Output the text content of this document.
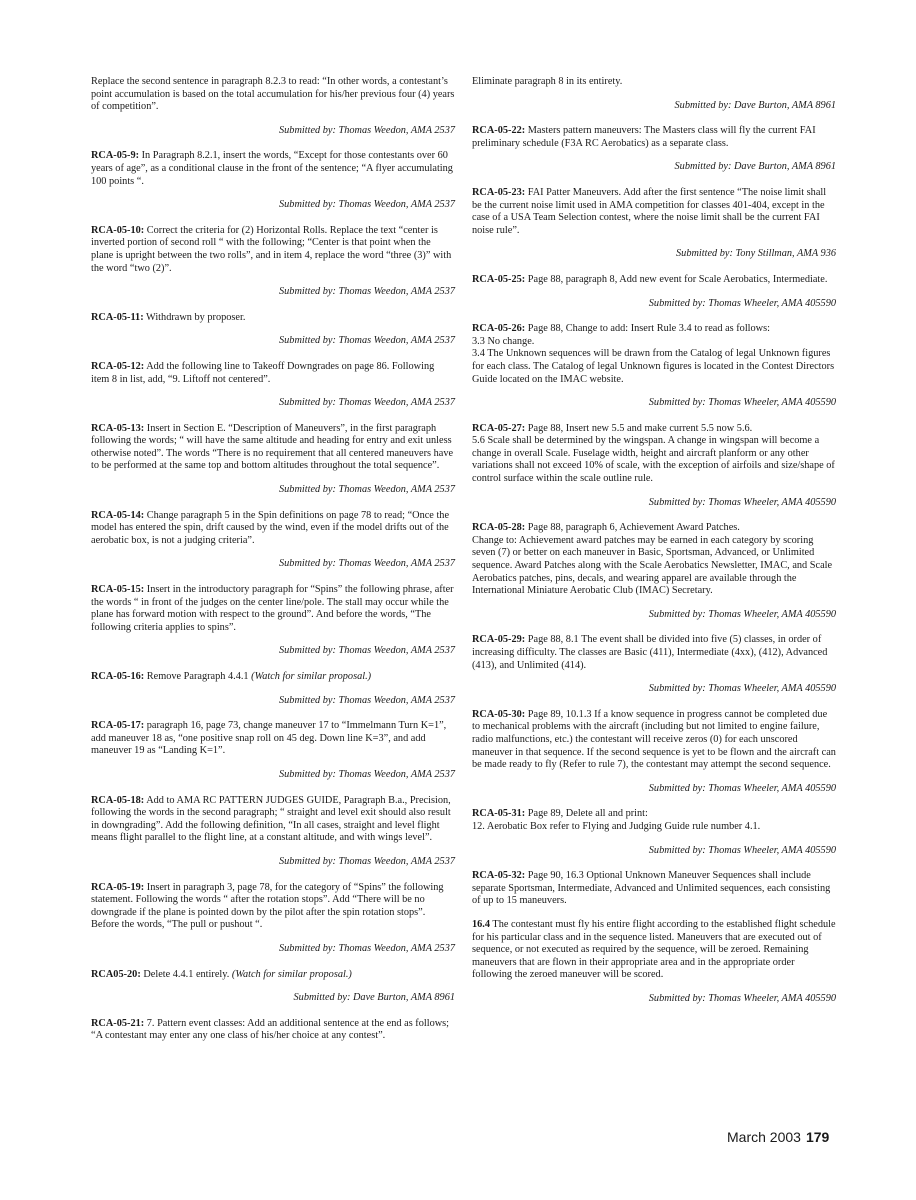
Replace the second sentence in paragraph 8.2.3 to read: “In other words, a contestant’s point accumulation is based on the total accumulation for his/her previous four (4) years of competition”.
Submitted by: Thomas Weedon, AMA 2537
RCA-05-9: In Paragraph 8.2.1, insert the words, “Except for those contestants over 60 years of age”, as a conditional clause in the front of the sentence; “A flyer accumulating 100 points “.
Submitted by: Thomas Weedon, AMA 2537
RCA-05-10: Correct the criteria for (2) Horizontal Rolls. Replace the text “center is inverted portion of second roll “ with the following; “Center is that point when the plane is upright between the two rolls”, and in item 4, replace the word “three (3)” with the word “two (2)”.
Submitted by: Thomas Weedon, AMA 2537
RCA-05-11: Withdrawn by proposer.
Submitted by: Thomas Weedon, AMA 2537
RCA-05-12: Add the following line to Takeoff Downgrades on page 86. Following item 8 in list, add, “9. Liftoff not centered”.
Submitted by: Thomas Weedon, AMA 2537
RCA-05-13: Insert in Section E. “Description of Maneuvers”, in the first paragraph following the words; “ will have the same altitude and heading for entry and exit unless otherwise noted”. The words “There is no requirement that all centered maneuvers have to be performed at the same top and bottom altitudes throughout the total sequence”.
Submitted by: Thomas Weedon, AMA 2537
RCA-05-14: Change paragraph 5 in the Spin definitions on page 78 to read; “Once the model has entered the spin, drift caused by the wind, even if the model drifts out of the aerobatic box, is not a judging criteria”.
Submitted by: Thomas Weedon, AMA 2537
RCA-05-15: Insert in the introductory paragraph for “Spins” the following phrase, after the words “ in front of the judges on the center line/pole. The stall may occur while the plane has forward motion with respect to the ground”. And before the words, “The following criteria applies to spins”.
Submitted by: Thomas Weedon, AMA 2537
RCA-05-16: Remove Paragraph 4.4.1 (Watch for similar proposal.)
Submitted by: Thomas Weedon, AMA 2537
RCA-05-17: paragraph 16, page 73, change maneuver 17 to “Immelmann Turn K=1”, add maneuver 18 as, “one positive snap roll on 45 deg. Down line K=3”, and add maneuver 19 as “Landing K=1”.
Submitted by: Thomas Weedon, AMA 2537
RCA-05-18: Add to AMA RC PATTERN JUDGES GUIDE, Paragraph B.a., Precision, following the words in the second paragraph; “ straight and level exit should also result in downgrading”. Add the following definition, “In all cases, straight and level flight means flight parallel to the flight line, at a constant altitude, and with wings level”.
Submitted by: Thomas Weedon, AMA 2537
RCA-05-19: Insert in paragraph 3, page 78, for the category of “Spins” the following statement. Following the words “ after the rotation stops”. Add “There will be no downgrade if the plane is pointed down by the pilot after the spin rotation stops”. Before the words, “The pull or pushout “.
Submitted by: Thomas Weedon, AMA 2537
RCA05-20: Delete 4.4.1 entirely. (Watch for similar proposal.)
Submitted by: Dave Burton, AMA 8961
RCA-05-21: 7. Pattern event classes: Add an additional sentence at the end as follows; “A contestant may enter any one class of his/her choice at any contest”.
Eliminate paragraph 8 in its entirety.
Submitted by: Dave Burton, AMA 8961
RCA-05-22: Masters pattern maneuvers: The Masters class will fly the current FAI preliminary schedule (F3A RC Aerobatics) as a separate class.
Submitted by: Dave Burton, AMA 8961
RCA-05-23: FAI Patter Maneuvers. Add after the first sentence “The noise limit shall be the current noise limit used in AMA competition for classes 401-404, except in the case of a USA Team Selection contest, where the noise limit shall be the current FAI noise rule”.
Submitted by: Tony Stillman, AMA 936
RCA-05-25: Page 88, paragraph 8, Add new event for Scale Aerobatics, Intermediate.
Submitted by: Thomas Wheeler, AMA 405590
RCA-05-26: Page 88, Change to add: Insert Rule 3.4 to read as follows:
3.3 No change.
3.4 The Unknown sequences will be drawn from the Catalog of legal Unknown figures for each class. The Catalog of legal Unknown figures is located in the Contest Directors Guide located on the IMAC website.
Submitted by: Thomas Wheeler, AMA 405590
RCA-05-27: Page 88, Insert new 5.5 and make current 5.5 now 5.6.
5.6 Scale shall be determined by the wingspan. A change in wingspan will become a change in overall Scale. Fuselage width, height and aircraft planform or any other variations shall not exceed 10% of scale, with the exception of airfoils and size/shape of control surface within the scale outline rule.
Submitted by: Thomas Wheeler, AMA 405590
RCA-05-28: Page 88, paragraph 6, Achievement Award Patches.
Change to: Achievement award patches may be earned in each category by scoring seven (7) or better on each maneuver in Basic, Sportsman, Advanced, or Unlimited sequence. Award Patches along with the Scale Aerobatics Newsletter, IMAC, and Scale Aerobatics patches, pins, decals, and wearing apparel are available through the International Miniature Aerobatic Club (IMAC) Secretary.
Submitted by: Thomas Wheeler, AMA 405590
RCA-05-29: Page 88, 8.1 The event shall be divided into five (5) classes, in order of increasing difficulty. The classes are Basic (411), Intermediate (4xx), (412), Advanced (413), and Unlimited (414).
Submitted by: Thomas Wheeler, AMA 405590
RCA-05-30: Page 89, 10.1.3 If a know sequence in progress cannot be completed due to mechanical problems with the aircraft (including but not limited to engine failure, radio malfunctions, etc.) the contestant will receive zeros (0) for each unscored maneuver in that sequence. If the second sequence is yet to be flown and the aircraft can be made ready to fly (Refer to rule 7), the contestant may attempt the second sequence.
Submitted by: Thomas Wheeler, AMA 405590
RCA-05-31: Page 89, Delete all and print:
12. Aerobatic Box refer to Flying and Judging Guide rule number 4.1.
Submitted by: Thomas Wheeler, AMA 405590
RCA-05-32: Page 90, 16.3 Optional Unknown Maneuver Sequences shall include separate Sportsman, Intermediate, Advanced and Unlimited sequences, each consisting of up to 15 maneuvers.
16.4 The contestant must fly his entire flight according to the established flight schedule for his particular class and in the sequence listed. Maneuvers that are executed out of sequence, or not executed as required by the sequence, will be zeroed. Remaining maneuvers that are flown in their appropriate area and in the appropriate order following the zeroed maneuver will be scored.
Submitted by: Thomas Wheeler, AMA 405590
March 2003 179
